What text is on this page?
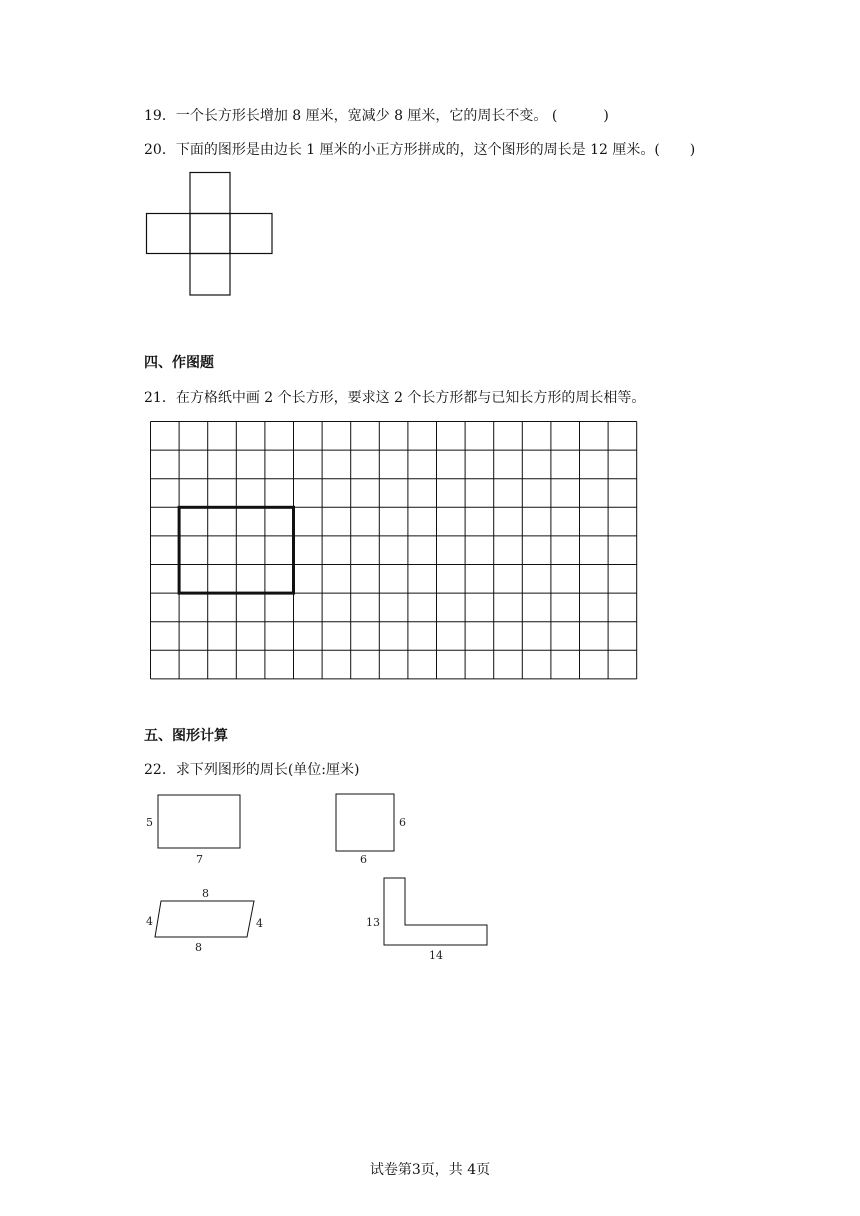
19．一个长方形长增加 8 厘米，宽减少 8 厘米，它的周长不变。 (	)
20．下面的图形是由边长 1 厘米的小正方形拼成的，这个图形的周长是 12 厘米。( )
四、作图题
21．在方格纸中画 2 个长方形，要求这 2 个长方形都与已知长方形的周长相等。
五、图形计算
22．求下列图形的周长(单位:厘米)
5
7
6
6
8
4	4
8
13
14
试卷第3页，共 4页
